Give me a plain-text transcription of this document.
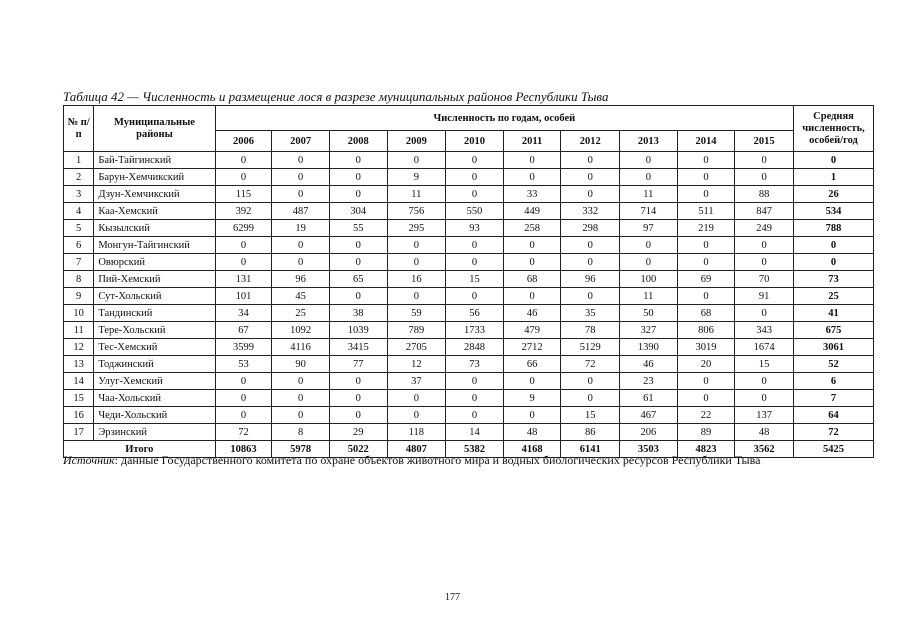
Таблица 42 — Численность и размещение лося в разрезе муниципальных районов Республики Тыва
№ п/п	Муниципальные районы	Численность по годам, особей										Средняя численность, особей/год
		2006	2007	2008	2009	2010	2011	2012	2013	2014	2015	
1	Бай-Тайгинский	0	0	0	0	0	0	0	0	0	0	0
2	Барун-Хемчикский	0	0	0	9	0	0	0	0	0	0	1
3	Дзун-Хемчикский	115	0	0	11	0	33	0	11	0	88	26
4	Каа-Хемский	392	487	304	756	550	449	332	714	511	847	534
5	Кызылский	6299	19	55	295	93	258	298	97	219	249	788
6	Монгун-Тайгинский	0	0	0	0	0	0	0	0	0	0	0
7	Овюрский	0	0	0	0	0	0	0	0	0	0	0
8	Пий-Хемский	131	96	65	16	15	68	96	100	69	70	73
9	Сут-Хольский	101	45	0	0	0	0	0	11	0	91	25
10	Тандинский	34	25	38	59	56	46	35	50	68	0	41
11	Тере-Хольский	67	1092	1039	789	1733	479	78	327	806	343	675
12	Тес-Хемский	3599	4116	3415	2705	2848	2712	5129	1390	3019	1674	3061
13	Тоджинский	53	90	77	12	73	66	72	46	20	15	52
14	Улуг-Хемский	0	0	0	37	0	0	0	23	0	0	6
15	Чаа-Хольский	0	0	0	0	0	9	0	61	0	0	7
16	Чеди-Хольский	0	0	0	0	0	0	15	467	22	137	64
17	Эрзинский	72	8	29	118	14	48	86	206	89	48	72
Итого		10863	5978	5022	4807	5382	4168	6141	3503	4823	3562	5425
Источник: данные Государственного комитета по охране объектов животного мира и водных биологических ресурсов Республики Тыва
177
